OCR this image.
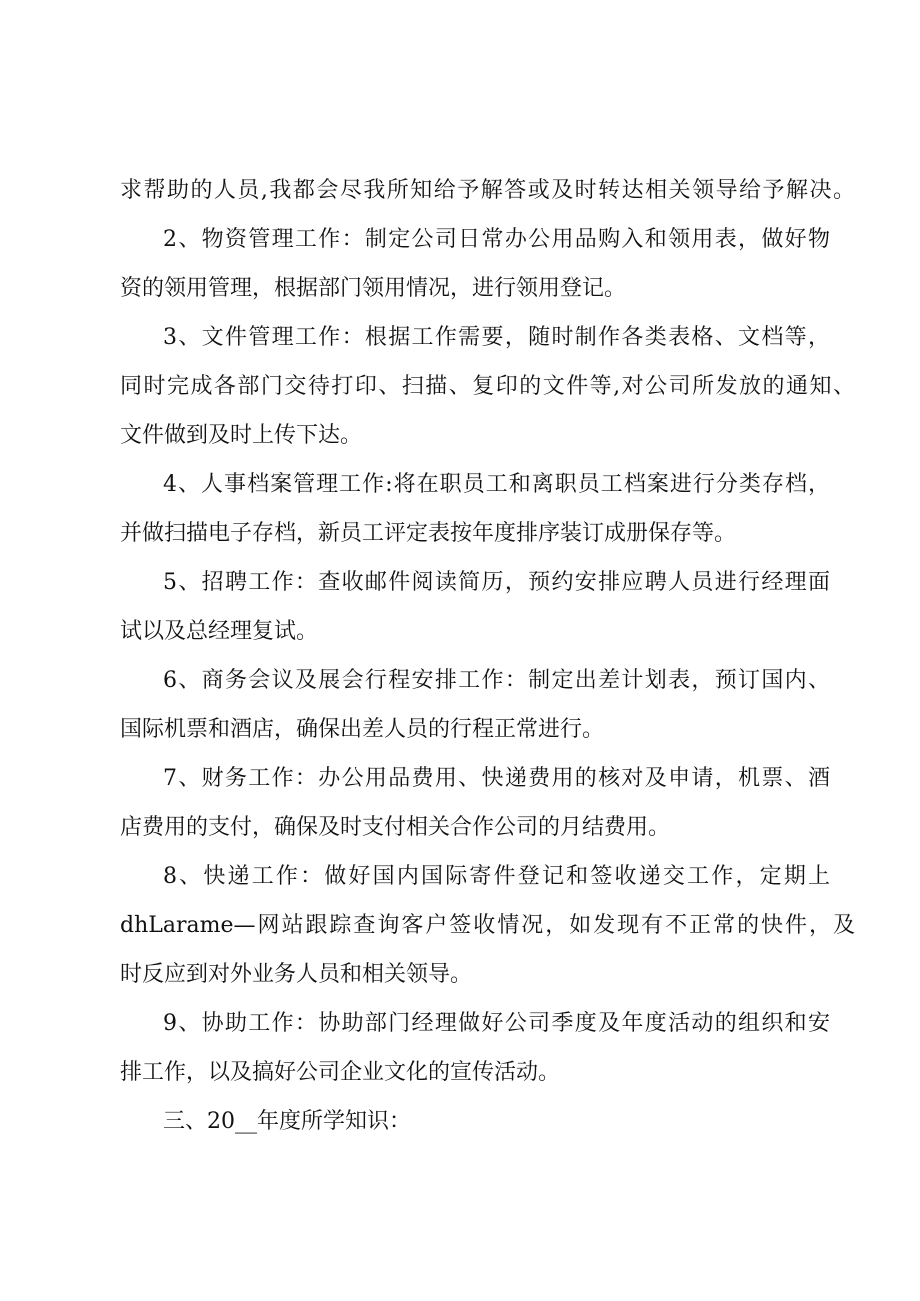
求帮助的人员,我都会尽我所知给予解答或及时转达相关领导给予解决。
2、物资管理工作：制定公司日常办公用品购入和领用表，做好物
资的领用管理，根据部门领用情况，进行领用登记。
3、文件管理工作：根据工作需要，随时制作各类表格、文档等，
同时完成各部门交待打印、扫描、复印的文件等,对公司所发放的通知、
文件做到及时上传下达。
4、人事档案管理工作:将在职员工和离职员工档案进行分类存档，
并做扫描电子存档，新员工评定表按年度排序装订成册保存等。
5、招聘工作：查收邮件阅读简历，预约安排应聘人员进行经理面
试以及总经理复试。
6、商务会议及展会行程安排工作：制定出差计划表，预订国内、
国际机票和酒店，确保出差人员的行程正常进行。
7、财务工作：办公用品费用、快递费用的核对及申请，机票、酒
店费用的支付，确保及时支付相关合作公司的月结费用。
8、快递工作：做好国内国际寄件登记和签收递交工作，定期上
dhLarame—网站跟踪查询客户签收情况，如发现有不正常的快件，及
时反应到对外业务人员和相关领导。
9、协助工作：协助部门经理做好公司季度及年度活动的组织和安
排工作，以及搞好公司企业文化的宣传活动。
三、20__年度所学知识：
